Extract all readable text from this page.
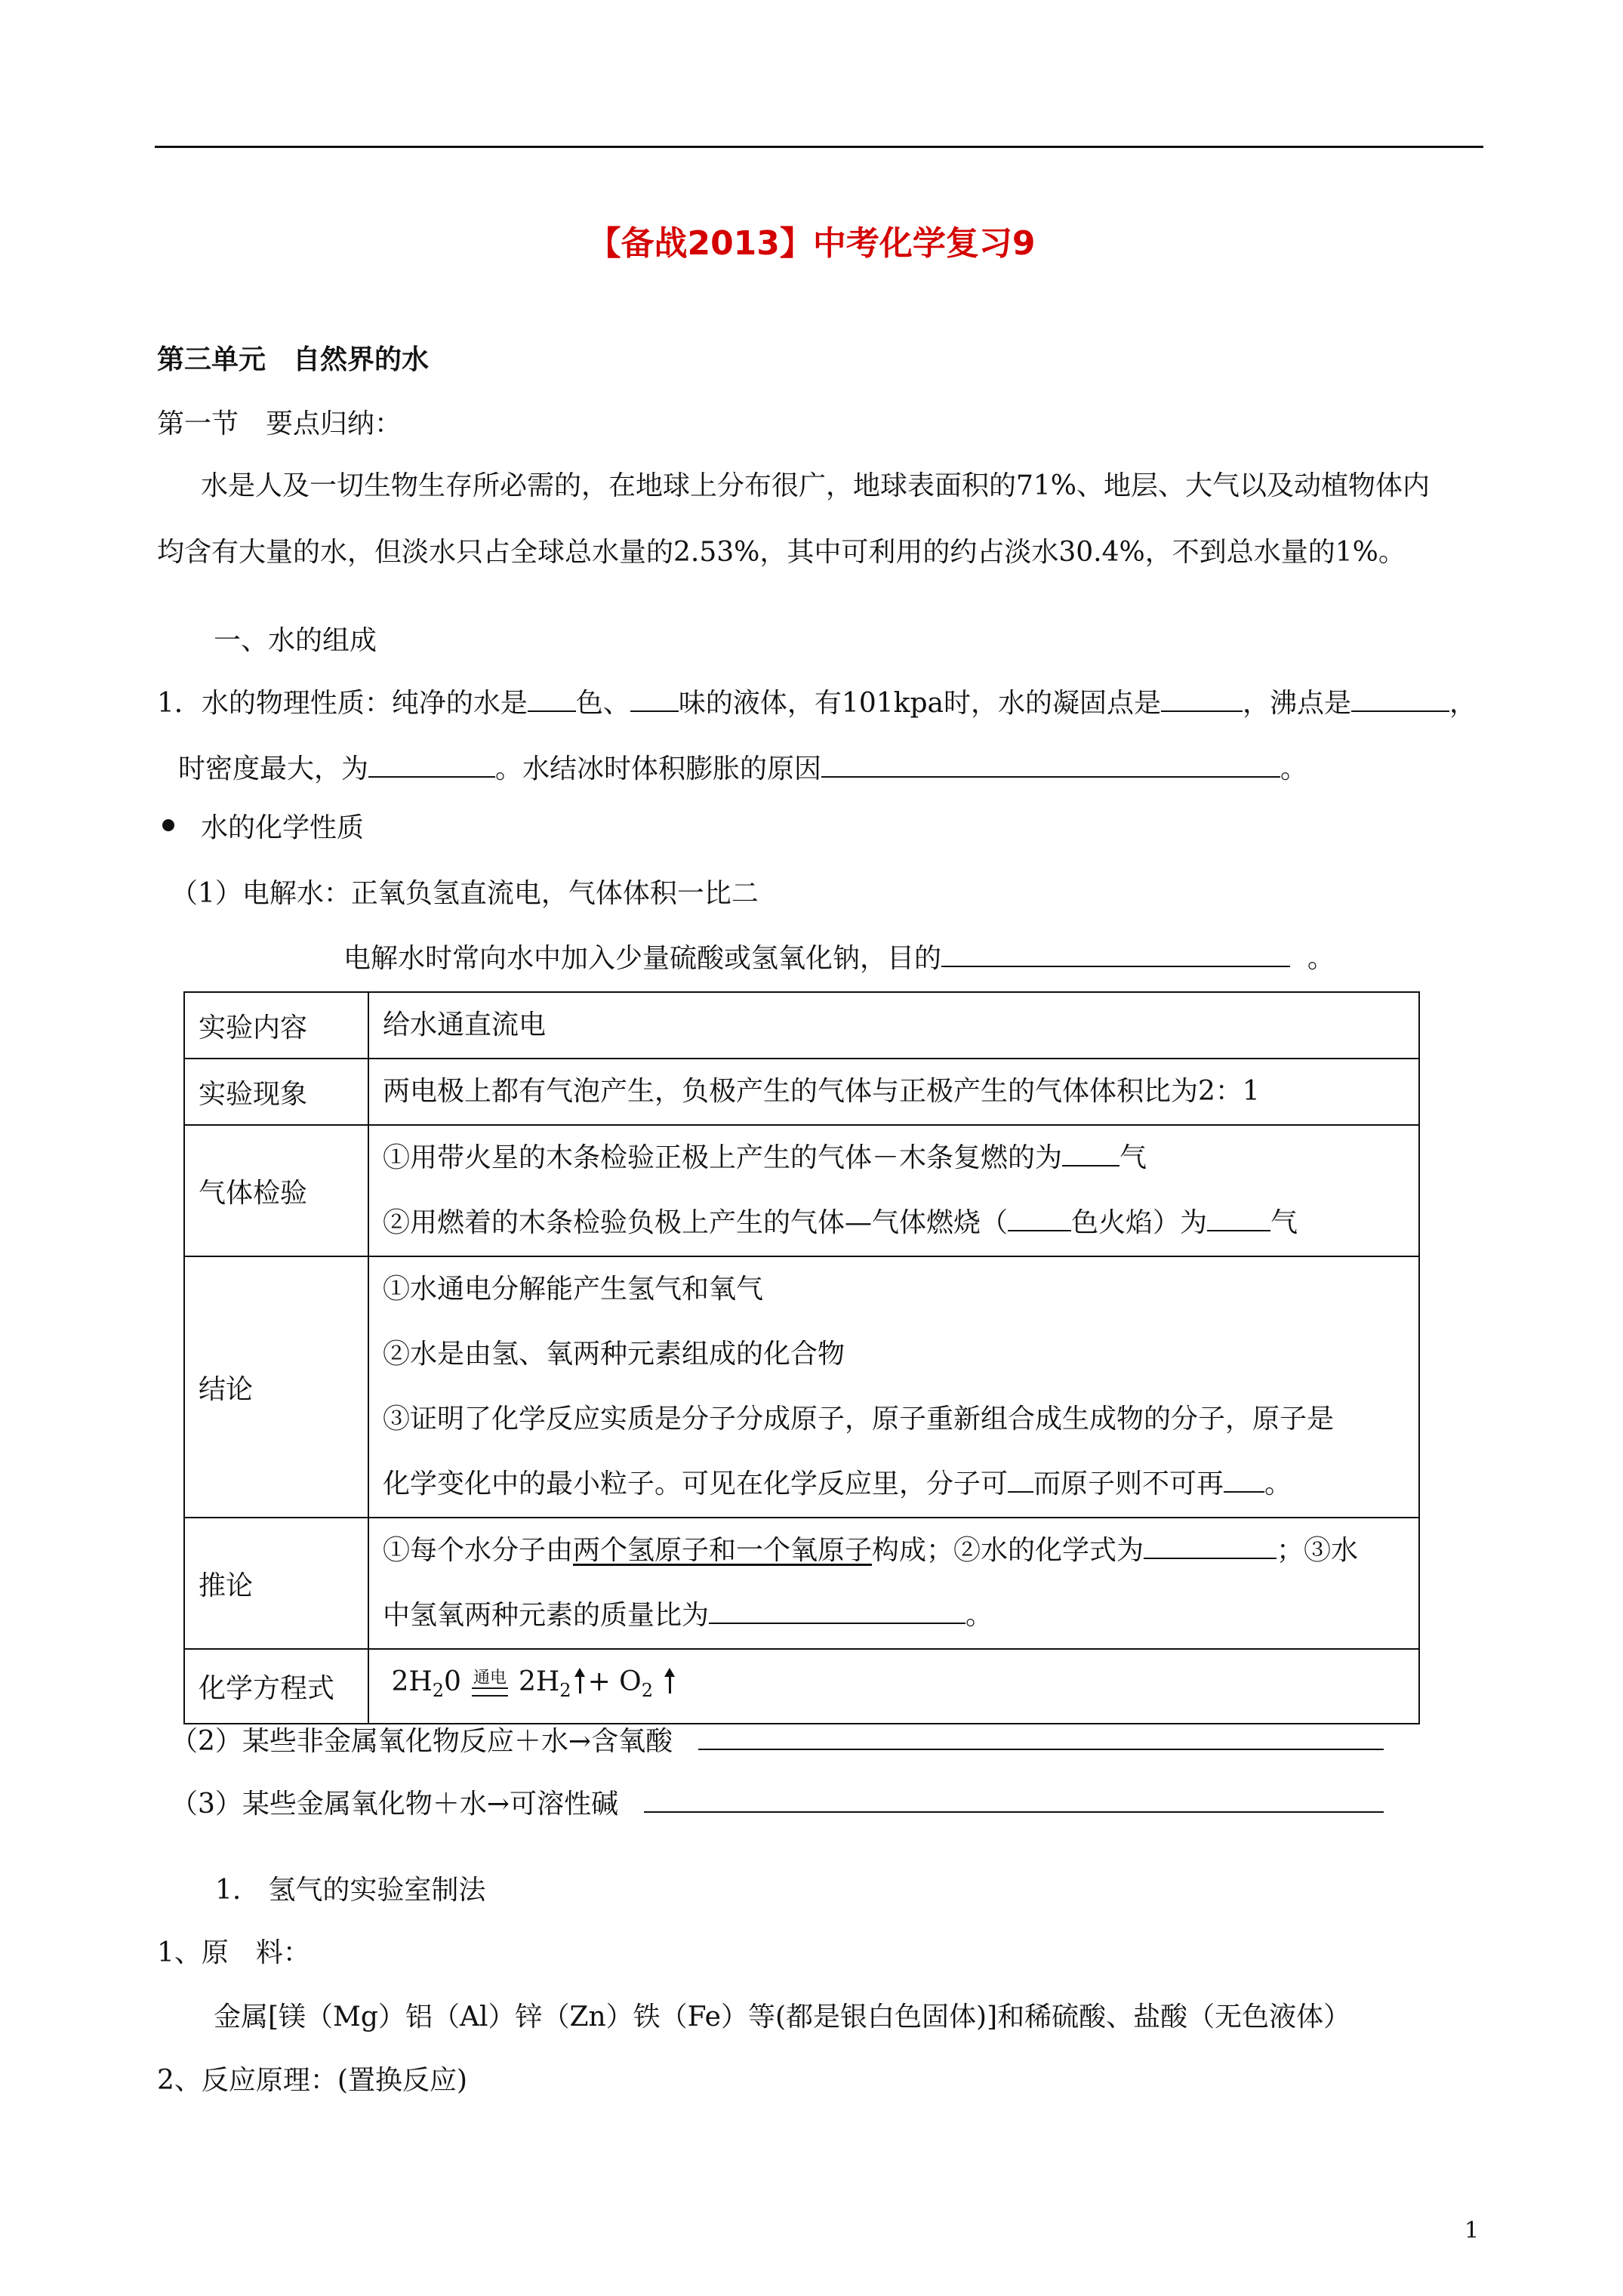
【备战2013】中考化学复习9
第三单元　自然界的水
第一节　要点归纳：
水是人及一切生物生存所必需的，在地球上分布很广，地球表面积的71%、地层、大气以及动植物体内
均含有大量的水，但淡水只占全球总水量的2.53%，其中可利用的约占淡水30.4%，不到总水量的1%。
一、水的组成
1．水的物理性质：纯净的水是 色、 味的液体，有101kpa时，水的凝固点是	，沸点是	，
时密度最大，为	。水结冰时体积膨胀的原因	。
水的化学性质
（1）电解水：正氧负氢直流电，气体体积一比二
电解水时常向水中加入少量硫酸或氢氧化钠，目的	。
实验内容	给水通直流电

实验现象	两电极上都有气泡产生，负极产生的气体与正极产生的气体体积比为2：1

气体检验	①用带火星的木条检验正极上产生的气体－木条复燃的为 气

②用燃着的木条检验负极上产生的气体—气体燃烧（ 色火焰）为 气

结论	①水通电分解能产生氢气和氧气

②水是由氢、氧两种元素组成的化合物

③证明了化学反应实质是分子分成原子，原子重新组合成生成物的分子，原子是

化学变化中的最小粒子。可见在化学反应里，分子可 而原子则不可再 。

推论	①每个水分子由两个氢原子和一个氧原子构成；②水的化学式为 ；③水

中氢氧两种元素的质量比为 。

化学方程式	$2H_20$ 通电 $2H_2 + O_2$

（2）某些非金属氧化物反应＋水→含氧酸
（3）某些金属氧化物＋水→可溶性碱
1.　氢气的实验室制法
1、原　料：
金属[镁（Mg）铝（Al）锌（Zn）铁（Fe）等(都是银白色固体)]和稀硫酸、盐酸（无色液体）
2、反应原理：(置换反应)
1
